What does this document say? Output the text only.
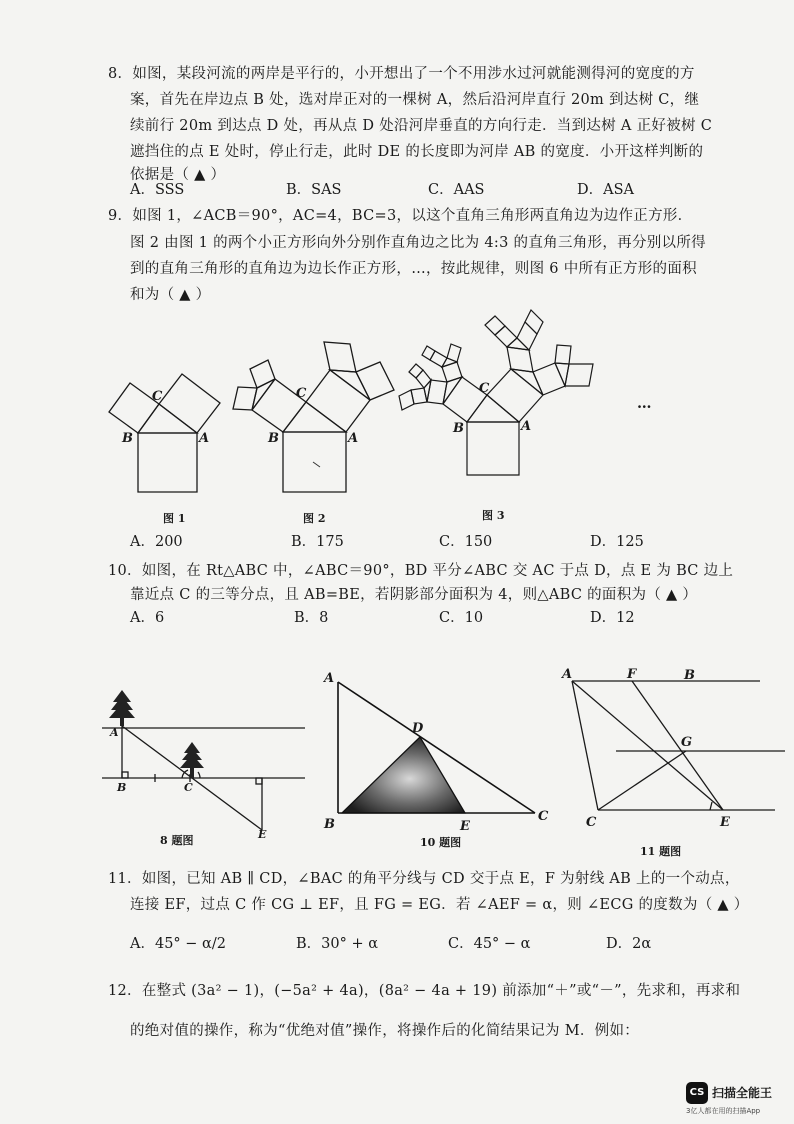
8．如图，某段河流的两岸是平行的，小开想出了一个不用涉水过河就能测得河的宽度的方
案，首先在岸边点 B 处，选对岸正对的一棵树 A，然后沿河岸直行 20m 到达树 C，继
续前行 20m 到达点 D 处，再从点 D 处沿河岸垂直的方向行走．当到达树 A 正好被树 C
遮挡住的点 E 处时，停止行走，此时 DE 的长度即为河岸 AB 的宽度．小开这样判断的
依据是（ ▲ ）
A．SSS	B．SAS	C．AAS	D．ASA
9．如图 1，∠ACB＝90°，AC=4，BC=3，以这个直角三角形两直角边为边作正方形．
图 2 由图 1 的两个小正方形向外分别作直角边之比为 4:3 的直角三角形，再分别以所得
到的直角三角形的直角边为边长作正方形，…，按此规律，则图 6 中所有正方形的面积
和为（ ▲ ）
C
B	A
C
B	A
C
B	A
…
图 1	图 2	图 3
A．200	B．175	C．150	D．125
10．如图，在 Rt△ABC 中，∠ABC＝90°，BD 平分∠ABC 交 AC 于点 D，点 E 为 BC 边上
靠近点 C 的三等分点，且 AB=BE，若阴影部分面积为 4，则△ABC 的面积为（ ▲ ）
A．6	B．8	C．10	D．12
A
B	C
E
8 题图
A
D
B	E
C
10 题图
A	F	B
G
C	E
11 题图
11．如图，已知 AB ∥ CD，∠BAC 的角平分线与 CD 交于点 E，F 为射线 AB 上的一个动点，
连接 EF，过点 C 作 CG ⊥ EF，且 FG = EG．若 ∠AEF = α，则 ∠ECG 的度数为（ ▲ ）
A．45° − α/2	B．30° + α	C．45° − α	D．2α
12．在整式 (3a² − 1)，(−5a² + 4a)，(8a² − 4a + 19) 前添加“＋”或“－”，先求和，再求和
的绝对值的操作，称为“优绝对值”操作，将操作后的化简结果记为 M．例如：
CS 扫描全能王
3亿人都在用的扫描App
